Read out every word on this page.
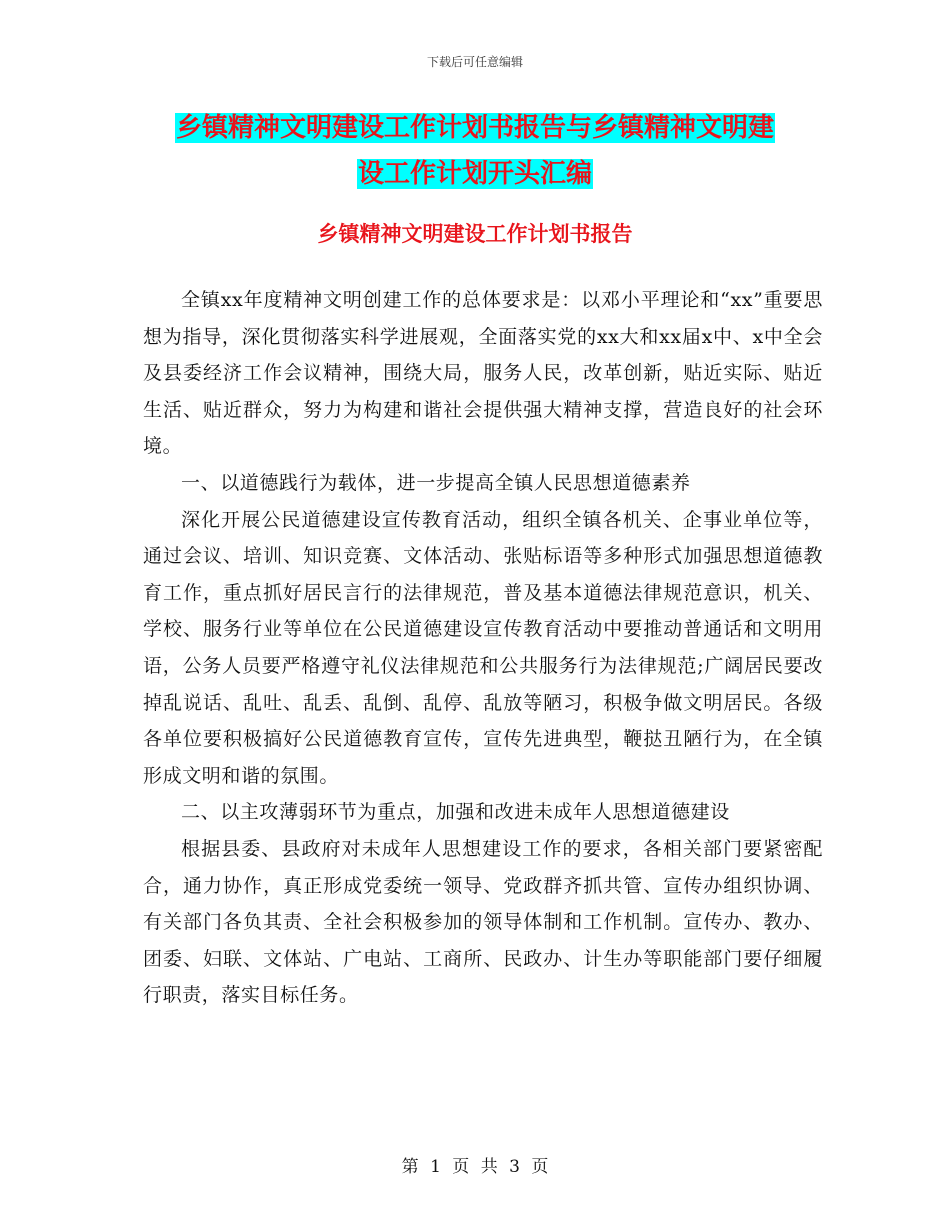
下载后可任意编辑
乡镇精神文明建设工作计划书报告与乡镇精神文明建
设工作计划开头汇编
乡镇精神文明建设工作计划书报告

全镇xx年度精神文明创建工作的总体要求是：以邓小平理论和“xx”重要思想为指导，深化贯彻落实科学进展观，全面落实党的xx大和xx届x中、x中全会及县委经济工作会议精神，围绕大局，服务人民，改革创新，贴近实际、贴近生活、贴近群众，努力为构建和谐社会提供强大精神支撑，营造良好的社会环境。

一、以道德践行为载体，进一步提高全镇人民思想道德素养

深化开展公民道德建设宣传教育活动，组织全镇各机关、企事业单位等，通过会议、培训、知识竞赛、文体活动、张贴标语等多种形式加强思想道德教育工作，重点抓好居民言行的法律规范，普及基本道德法律规范意识，机关、学校、服务行业等单位在公民道德建设宣传教育活动中要推动普通话和文明用语，公务人员要严格遵守礼仪法律规范和公共服务行为法律规范;广阔居民要改掉乱说话、乱吐、乱丢、乱倒、乱停、乱放等陋习，积极争做文明居民。各级各单位要积极搞好公民道德教育宣传，宣传先进典型，鞭挞丑陋行为，在全镇形成文明和谐的氛围。

二、以主攻薄弱环节为重点，加强和改进未成年人思想道德建设

根据县委、县政府对未成年人思想建设工作的要求，各相关部门要紧密配合，通力协作，真正形成党委统一领导、党政群齐抓共管、宣传办组织协调、有关部门各负其责、全社会积极参加的领导体制和工作机制。宣传办、教办、团委、妇联、文体站、广电站、工商所、民政办、计生办等职能部门要仔细履行职责，落实目标任务。

第 1 页 共 3 页
